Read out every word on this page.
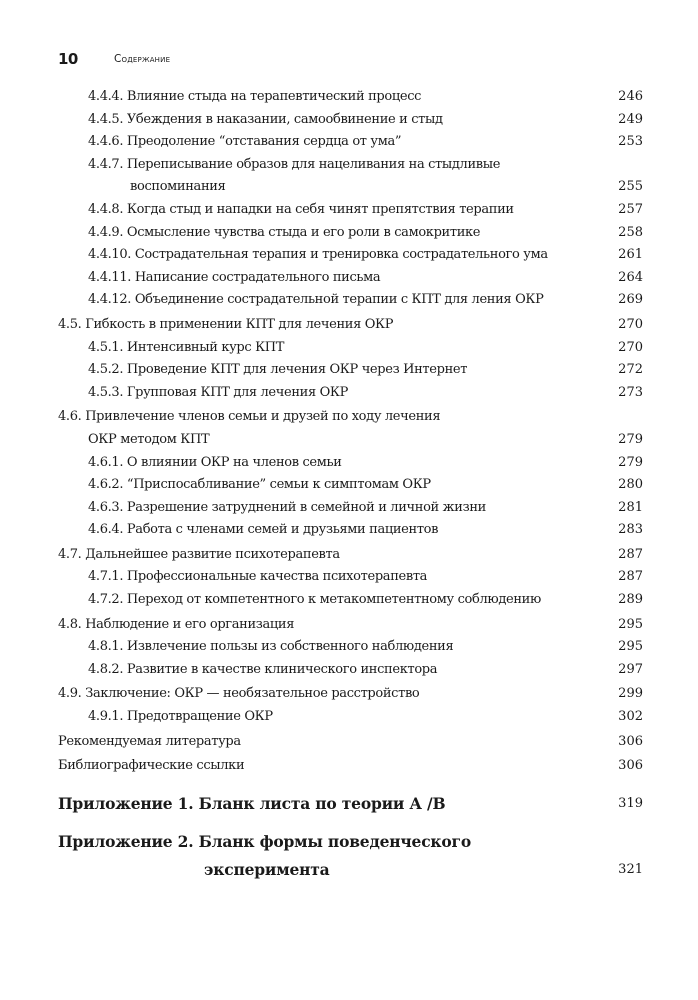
10	Содержание
4.4.4. Влияние стыда на терапевтический процесс	246
4.4.5. Убеждения в наказании, самообвинение и стыд	249
4.4.6. Преодоление “отставания сердца от ума”	253
4.4.7. Переписывание образов для нацеливания на стыдливые
воспоминания	255
4.4.8. Когда стыд и нападки на себя чинят препятствия терапии	257
4.4.9. Осмысление чувства стыда и его роли в самокритике	258
4.4.10. Сострадательная терапия и тренировка сострадательного ума	261
4.4.11. Написание сострадательного письма	264
4.4.12. Объединение сострадательной терапии с КПТ для ления ОКР	269
4.5. Гибкость в применении КПТ для лечения ОКР	270
4.5.1. Интенсивный курс КПТ	270
4.5.2. Проведение КПТ для лечения ОКР через Интернет	272
4.5.3. Групповая КПТ для лечения ОКР	273
4.6. Привлечение членов семьи и друзей по ходу лечения
ОКР методом КПТ	279
4.6.1. О влиянии ОКР на членов семьи	279
4.6.2. “Приспосабливание” семьи к симптомам ОКР	280
4.6.3. Разрешение затруднений в семейной и личной жизни	281
4.6.4. Работа с членами семей и друзьями пациентов	283
4.7. Дальнейшее развитие психотерапевта	287
4.7.1. Профессиональные качества психотерапевта	287
4.7.2. Переход от компетентного к метакомпетентному соблюдению	289
4.8. Наблюдение и его организация	295
4.8.1. Извлечение пользы из собственного наблюдения	295
4.8.2. Развитие в качестве клинического инспектора	297
4.9. Заключение: ОКР — необязательное расстройство	299
4.9.1. Предотвращение ОКР	302
Рекомендуемая литература	306
Библиографические ссылки	306
Приложение 1. Бланк листа по теории А /В	319
Приложение 2. Бланк формы поведенческого
эксперимента	321
